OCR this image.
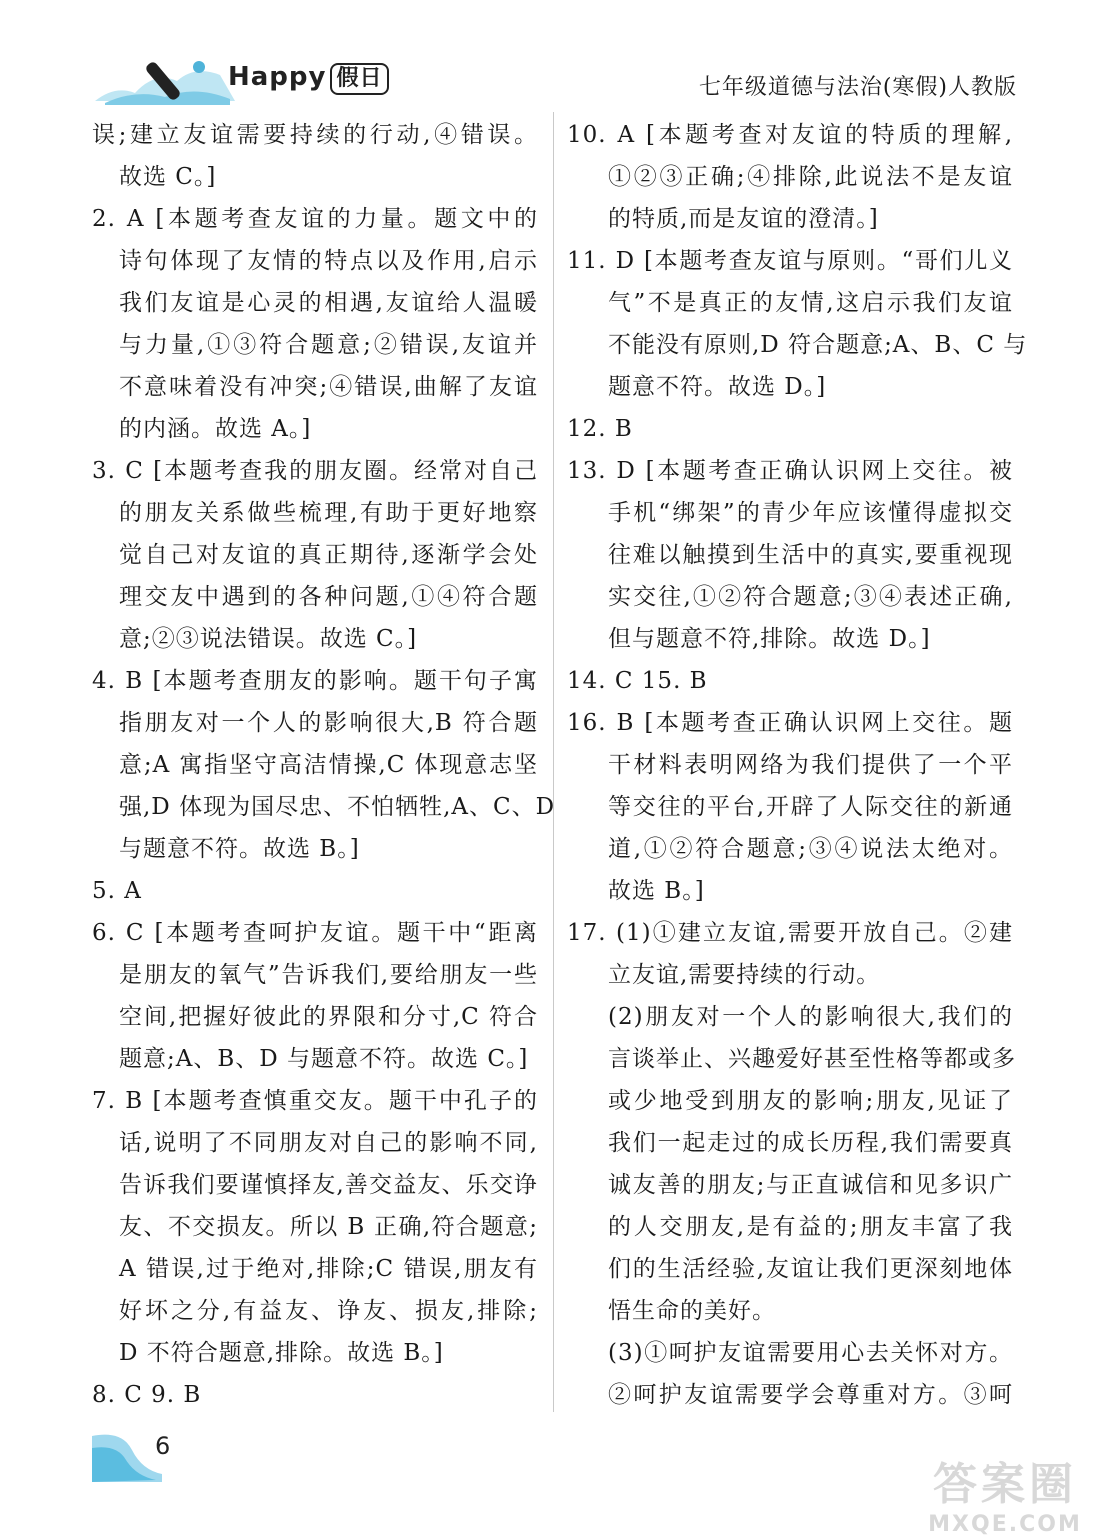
Happy 假日	七年级道德与法治(寒假)人教版
误;建立友谊需要持续的行动,④错误。
故选 C。]
2. A [本题考查友谊的力量。题文中的
诗句体现了友情的特点以及作用,启示
我们友谊是心灵的相遇,友谊给人温暖
与力量,①③符合题意;②错误,友谊并
不意味着没有冲突;④错误,曲解了友谊
的内涵。故选 A。]
3. C [本题考查我的朋友圈。经常对自己
的朋友关系做些梳理,有助于更好地察
觉自己对友谊的真正期待,逐渐学会处
理交友中遇到的各种问题,①④符合题
意;②③说法错误。故选 C。]
4. B [本题考查朋友的影响。题干句子寓
指朋友对一个人的影响很大,B 符合题
意;A 寓指坚守高洁情操,C 体现意志坚
强,D 体现为国尽忠、不怕牺牲,A、C、D
与题意不符。故选 B。]
5. A
6. C [本题考查呵护友谊。题干中“距离
是朋友的氧气”告诉我们,要给朋友一些
空间,把握好彼此的界限和分寸,C 符合
题意;A、B、D 与题意不符。故选 C。]
7. B [本题考查慎重交友。题干中孔子的
话,说明了不同朋友对自己的影响不同,
告诉我们要谨慎择友,善交益友、乐交诤
友、不交损友。所以 B 正确,符合题意;
A 错误,过于绝对,排除;C 错误,朋友有
好坏之分,有益友、诤友、损友,排除;
D 不符合题意,排除。故选 B。]
8. C 9. B
10. A [本题考查对友谊的特质的理解,
①②③正确;④排除,此说法不是友谊
的特质,而是友谊的澄清。]
11. D [本题考查友谊与原则。“哥们儿义
气”不是真正的友情,这启示我们友谊
不能没有原则,D 符合题意;A、B、C 与
题意不符。故选 D。]
12. B
13. D [本题考查正确认识网上交往。被
手机“绑架”的青少年应该懂得虚拟交
往难以触摸到生活中的真实,要重视现
实交往,①②符合题意;③④表述正确,
但与题意不符,排除。故选 D。]
14. C 15. B
16. B [本题考查正确认识网上交往。题
干材料表明网络为我们提供了一个平
等交往的平台,开辟了人际交往的新通
道,①②符合题意;③④说法太绝对。
故选 B。]
17. (1)①建立友谊,需要开放自己。②建
立友谊,需要持续的行动。
(2)朋友对一个人的影响很大,我们的
言谈举止、兴趣爱好甚至性格等都或多
或少地受到朋友的影响;朋友,见证了
我们一起走过的成长历程,我们需要真
诚友善的朋友;与正直诚信和见多识广
的人交朋友,是有益的;朋友丰富了我
们的生活经验,友谊让我们更深刻地体
悟生命的美好。
(3)①呵护友谊需要用心去关怀对方。
②呵护友谊需要学会尊重对方。③呵
6
答案圈
MXQE.COM
